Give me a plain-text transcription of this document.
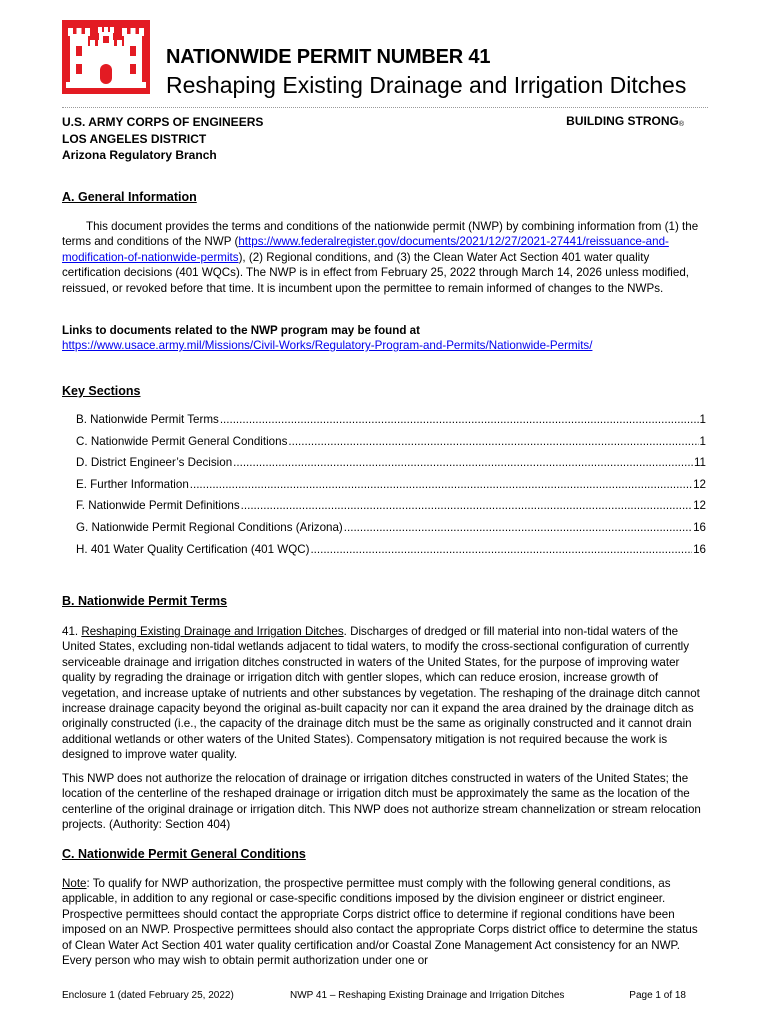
NATIONWIDE PERMIT NUMBER 41
Reshaping Existing Drainage and Irrigation Ditches
U.S. ARMY CORPS OF ENGINEERS
LOS ANGELES DISTRICT
Arizona Regulatory Branch
BUILDING STRONG®
A. General Information
This document provides the terms and conditions of the nationwide permit (NWP) by combining information from (1) the terms and conditions of the NWP (https://www.federalregister.gov/documents/2021/12/27/2021-27441/reissuance-and-modification-of-nationwide-permits), (2) Regional conditions, and (3) the Clean Water Act Section 401 water quality certification decisions (401 WQCs). The NWP is in effect from February 25, 2022 through March 14, 2026 unless modified, reissued, or revoked before that time. It is incumbent upon the permittee to remain informed of changes to the NWPs.
Links to documents related to the NWP program may be found at
https://www.usace.army.mil/Missions/Civil-Works/Regulatory-Program-and-Permits/Nationwide-Permits/
Key Sections
B. Nationwide Permit Terms .....	1
C. Nationwide Permit General Conditions .....	1
D. District Engineer’s Decision .....	11
E. Further Information .....	12
F. Nationwide Permit Definitions .....	12
G. Nationwide Permit Regional Conditions (Arizona) .....	16
H. 401 Water Quality Certification (401 WQC) .....	16
B. Nationwide Permit Terms
41. Reshaping Existing Drainage and Irrigation Ditches. Discharges of dredged or fill material into non-tidal waters of the United States, excluding non-tidal wetlands adjacent to tidal waters, to modify the cross-sectional configuration of currently serviceable drainage and irrigation ditches constructed in waters of the United States, for the purpose of improving water quality by regrading the drainage or irrigation ditch with gentler slopes, which can reduce erosion, increase growth of vegetation, and increase uptake of nutrients and other substances by vegetation. The reshaping of the drainage ditch cannot increase drainage capacity beyond the original as-built capacity nor can it expand the area drained by the drainage ditch as originally constructed (i.e., the capacity of the drainage ditch must be the same as originally constructed and it cannot drain additional wetlands or other waters of the United States). Compensatory mitigation is not required because the work is designed to improve water quality.
This NWP does not authorize the relocation of drainage or irrigation ditches constructed in waters of the United States; the location of the centerline of the reshaped drainage or irrigation ditch must be approximately the same as the location of the centerline of the original drainage or irrigation ditch. This NWP does not authorize stream channelization or stream relocation projects. (Authority: Section 404)
C. Nationwide Permit General Conditions
Note: To qualify for NWP authorization, the prospective permittee must comply with the following general conditions, as applicable, in addition to any regional or case-specific conditions imposed by the division engineer or district engineer. Prospective permittees should contact the appropriate Corps district office to determine if regional conditions have been imposed on an NWP. Prospective permittees should also contact the appropriate Corps district office to determine the status of Clean Water Act Section 401 water quality certification and/or Coastal Zone Management Act consistency for an NWP. Every person who may wish to obtain permit authorization under one or
Enclosure 1 (dated February 25, 2022)	NWP 41 – Reshaping Existing Drainage and Irrigation Ditches	Page 1 of 18
